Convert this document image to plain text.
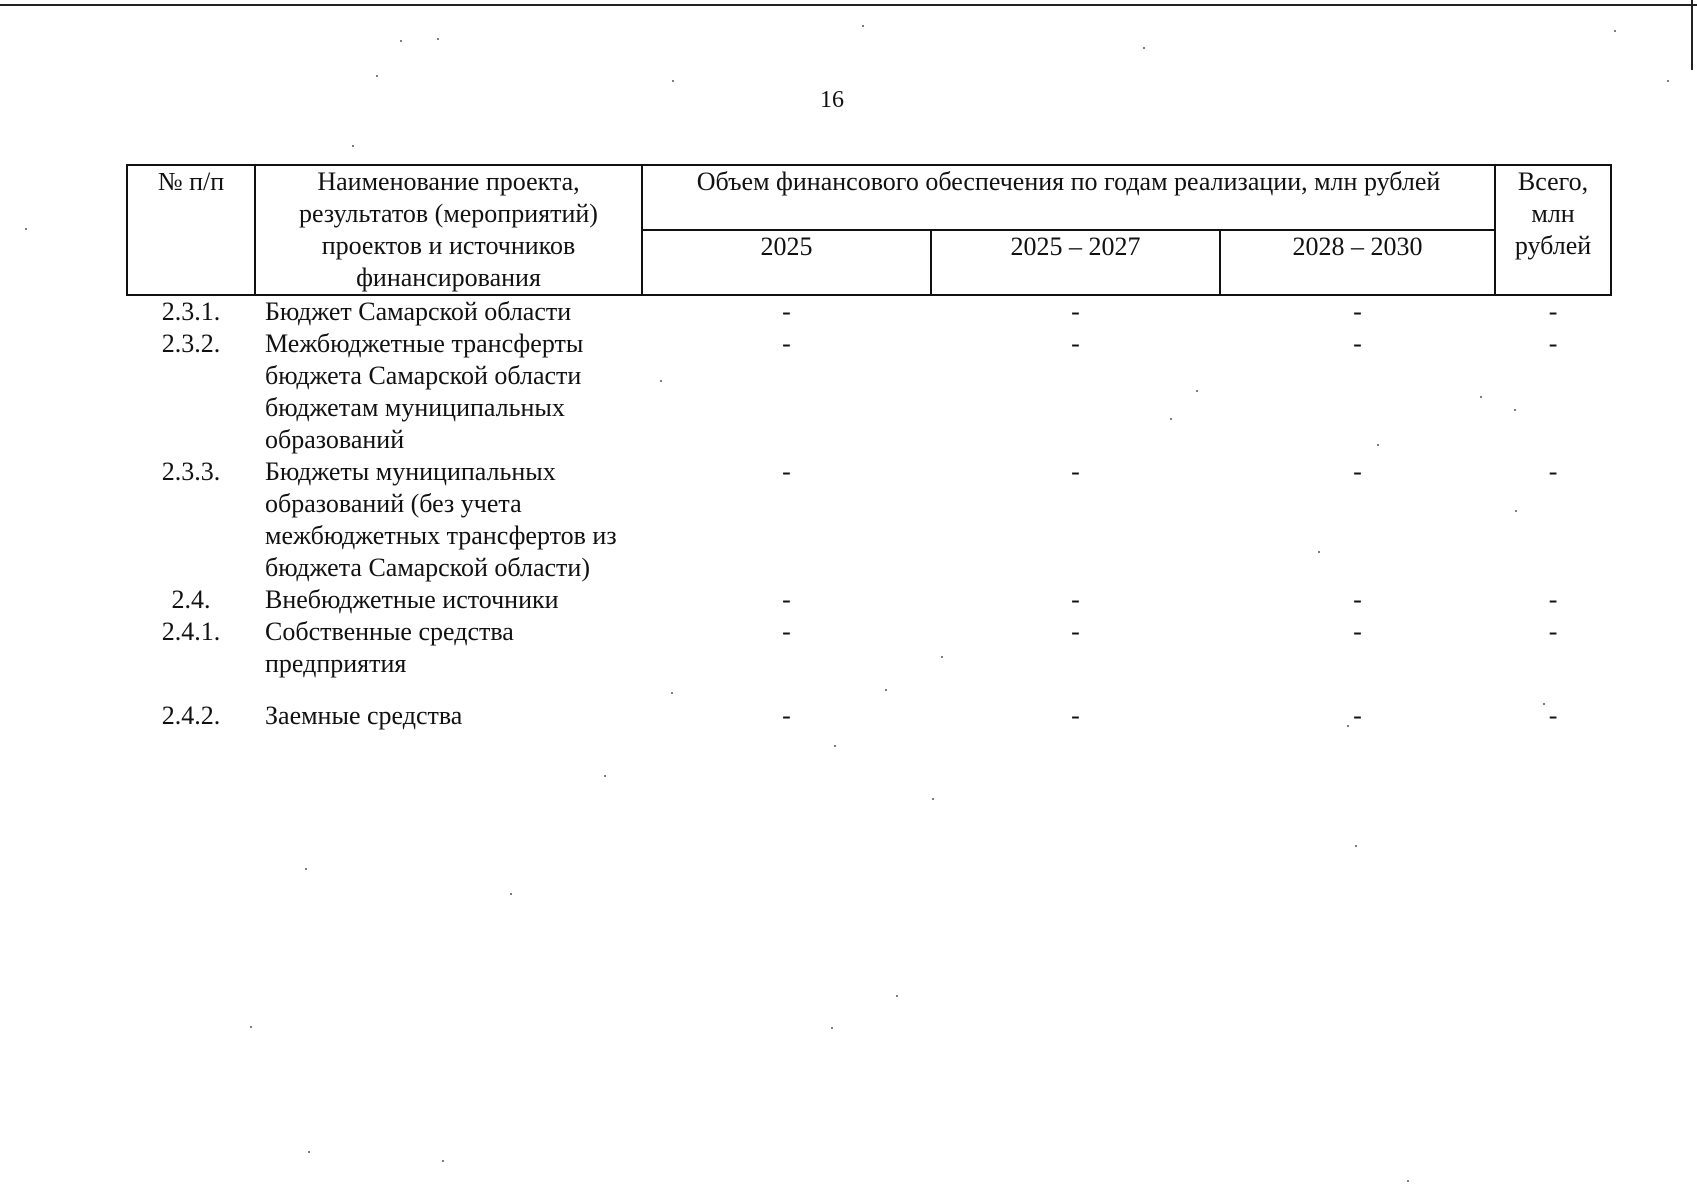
16
№ п/п	Наименование проекта, результатов (мероприятий) проектов и источников финансирования	Объем финансового обеспечения по годам реализации, млн рублей			Всего, млн рублей
		2025	2025 – 2027	2028 – 2030	
2.3.1.	Бюджет Самарской области	-	-	-	-
2.3.2.	Межбюджетные трансферты бюджета Самарской области бюджетам муниципальных образований	-	-	-	-
2.3.3.	Бюджеты муниципальных образований (без учета межбюджетных трансфертов из бюджета Самарской области)	-	-	-	-
2.4.	Внебюджетные источники	-	-	-	-
2.4.1.	Собственные средства предприятия	-	-	-	-
2.4.2.	Заемные средства	-	-	-	-
